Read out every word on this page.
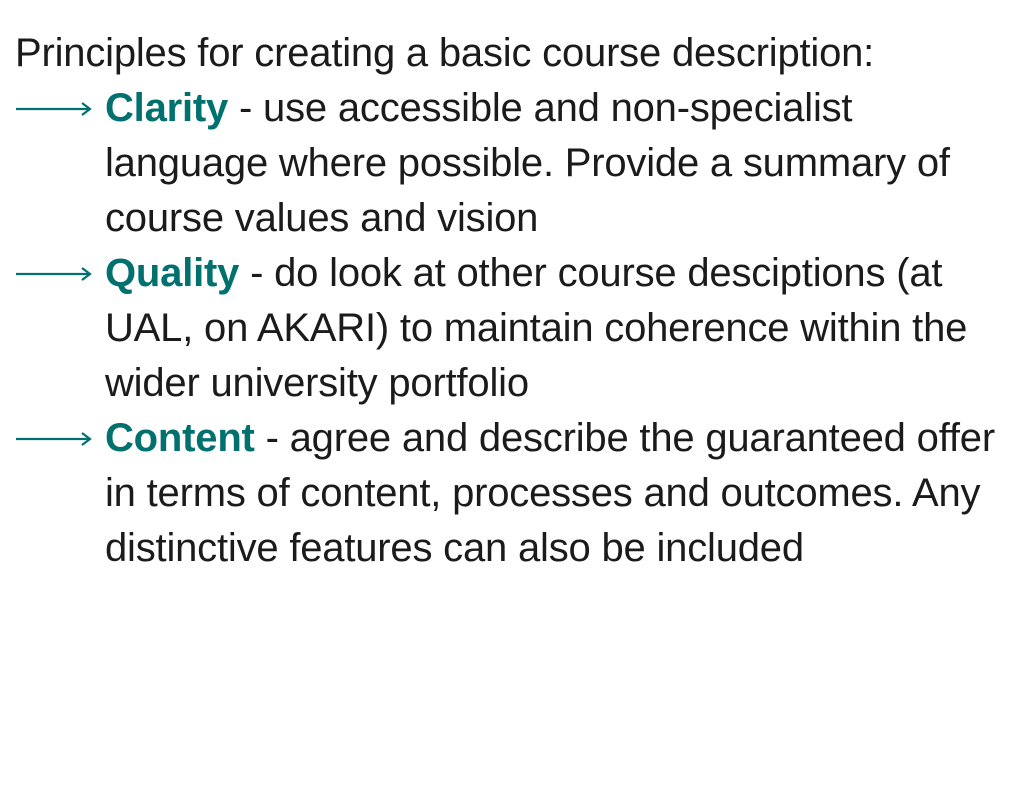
Principles for creating a basic course description:

Clarity - use accessible and non-specialist language where possible. Provide a summary of course values and vision
Quality - do look at other course desciptions (at UAL, on AKARI) to maintain coherence within the wider university portfolio
Content - agree and describe the guaranteed offer in terms of content, processes and outcomes. Any distinctive features can also be included
